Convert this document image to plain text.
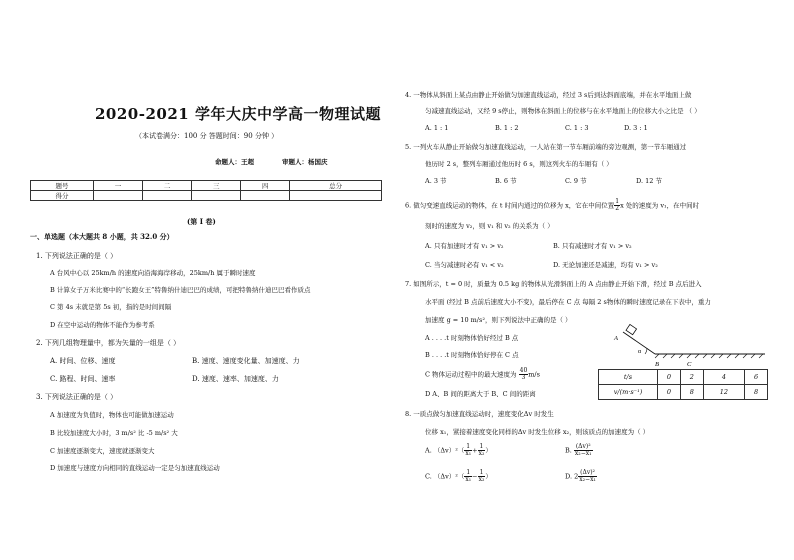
2020-2021 学年大庆中学高一物理试题
（本试卷满分：100 分 答题时间：90 分钟 ）
命题人：王超	审题人：杨国庆
题号	一	二	三	四	总分
得分					
(第 I 卷)
一、单选题（本大题共 8 小题，共 32.0 分）
1. 下列说法正确的是（ ）
A 台风中心以 25km/h 的速度向沿海海岸移动，25km/h 属于瞬时速度
B 计算女子万米比赛中的“长跑女王”特鲁纳什迪巴巴的成绩，可把特鲁纳什迪巴巴看作质点
C 第 4s 末就是第 5s 初，指的是时间间隔
D 在空中运动的物体不能作为参考系
2. 下列几组物理量中，都为矢量的一组是（ ）
A. 时间、位移、速度	B. 速度、速度变化量、加速度、力
C. 路程、时间、速率	D. 速度、速率、加速度、力
3. 下列说法正确的是（ ）
A 加速度为负值时，物体也可能做加速运动
B 比较加速度大小时，3 m/s² 比 -5 m/s² 大
C 加速度逐渐变大，速度就逐渐变大
D 加速度与速度方向相同的直线运动一定是匀加速直线运动
4. 一物体从斜面上某点由静止开始做匀加速直线运动，经过 3 s后到达斜面底端，并在水平地面上做
匀减速直线运动，又经 9 s停止，则物体在斜面上的位移与在水平地面上的位移大小之比是 （ ）
A. 1 : 1	B. 1 : 2	C. 1 : 3	D. 3 : 1
5. 一列火车从静止开始做匀加速直线运动，一人站在第一节车厢前端的旁边观测，第一节车厢通过
他历时 2 s，整列车厢通过他历时 6 s，则这列火车的车厢有（ ）
A. 3 节	B. 6 节	C. 9 节	D. 12 节
6. 做匀变速直线运动的物体，在 t 时间内通过的位移为 x，它在中间位置 $\frac{1}{2}$ x 处的速度为 v₁，在中间时
刻时的速度为 v₂，则 v₁ 和 v₂ 的关系为（ ）
A. 只有加速时才有 v₁ > v₂	B. 只有减速时才有 v₁ > v₂
C. 当匀减速时必有 v₁ < v₂	D. 无论加速还是减速，均有 v₁ > v₂
7. 如图所示，t = 0 时，质量为 0.5 kg 的物体从光滑斜面上的 A 点由静止开始下滑，经过 B 点后进入
水平面 (经过 B 点前后速度大小不变)，最后停在 C 点 每隔 2 s物体的瞬时速度记录在下表中，重力
加速度 g = 10 m/s²，则下列说法中正确的是（ ）
A . . . .t 时刻物体恰好经过 B 点
B . . . .t 时刻物体恰好停在 C 点
C 物体运动过程中的最大速度为 $\frac{40}{3} m/s$
D A、B 间的距离大于 B、C 间的距离
A
α
B	C
t/s	0	2	4	6
v/(m·s⁻¹)	0	8	12	8
8. 一质点做匀加速直线运动时，速度变化Δv 时发生
位移 x₁，紧接着速度变化同样的Δv 时发生位移 x₂，则该质点的加速度为（ ）
A. $(\Delta v)^2( \frac{1}{\text{x₁}} + \frac{1}{\text{x₂}}$ ）	B. $\frac{\text{(Δv)²}}{\text{x₂−x₁}}$
C. $(\Delta v)^2( \frac{1}{\text{x₁}} - \frac{1}{\text{x₂}}$ ）	D. $2 \frac{\text{(Δv)²}}{\text{x₂−x₁}}$
